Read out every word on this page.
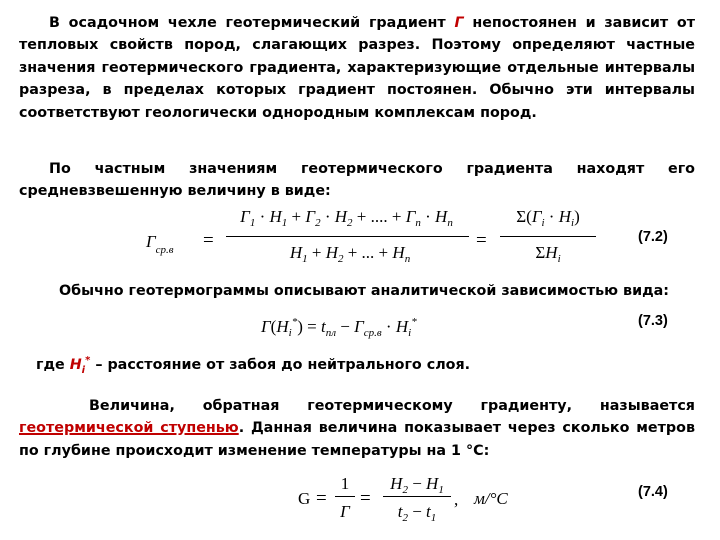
В осадочном чехле геотермический градиент Г непостоянен и зависит от тепловых свойств пород, слагающих разрез. Поэтому определяют частные значения геотермического градиента, характеризующие отдельные интервалы разреза, в пределах которых градиент постоянен. Обычно эти интервалы соответствуют геологически однородным комплексам пород.

По частным значениям геотермического градиента находят его средневзвешенную величину в виде:

$Г_{ср.в}$ =
$Г_1 \cdot Н_1 + Г_2 \cdot Н_2$ + .... + $Г_n \cdot Н_n$
$Н_1 + Н_2$ + ... + $Н_n$
=
$\Sigma(Г_i \cdot Н_i)$
$\Sigma Н_i$
(7.2)

Обычно геотермограммы описывают аналитической зависимостью вида:

$Г(Н_i^*) = t_{пл} - Г_{ср.в} \cdot Н_i^*$	(7.3)

где $Н_i^*$ – расстояние от забоя до нейтрального слоя.

Величина, обратная геотермическому градиенту, называется геотермической ступенью. Данная величина показывает через сколько метров по глубине происходит изменение температуры на 1 °С:

G =
1
Г
=
$Н_2 - Н_1$
$t_2 - t_1$
, м/°С	(7.4)
